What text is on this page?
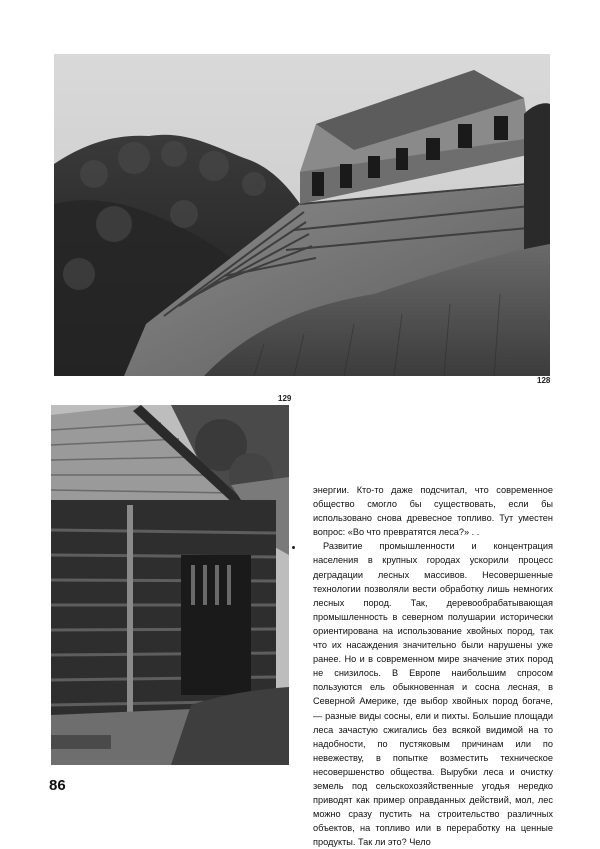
128
129

энергии. Кто-то даже подсчитал, что современное общество смогло бы существовать, если бы использовано снова древесное топливо. Тут уместен вопрос: «Во что превратятся леса?» . .

Развитие промышленности и концентрация населения в крупных городах ускорили процесс деградации лесных массивов. Несовершенные технологии позволяли вести обработку лишь немногих лесных пород. Так, деревообрабатывающая промышленность в северном полушарии исторически ориентирована на использование хвойных пород, так что их насаждения значительно были нарушены уже ранее. Но и в современном мире значение этих пород не снизилось. В Европе наибольшим спросом пользуются ель обыкновенная и сосна лесная, в Северной Америке, где выбор хвойных пород богаче, — разные виды сосны, ели и пихты. Большие площади леса зачастую сжигались без всякой видимой на то надобности, по пустяковым причинам или по невежеству, в попытке возместить техническое несовершенство общества. Вырубки леса и очистку земель под сельскохозяйственные угодья нередко приводят как пример оправданных действий, мол, лес можно сразу пустить на строительство различных объектов, на топливо или в переработку на ценные продукты. Так ли это? Чело

86
